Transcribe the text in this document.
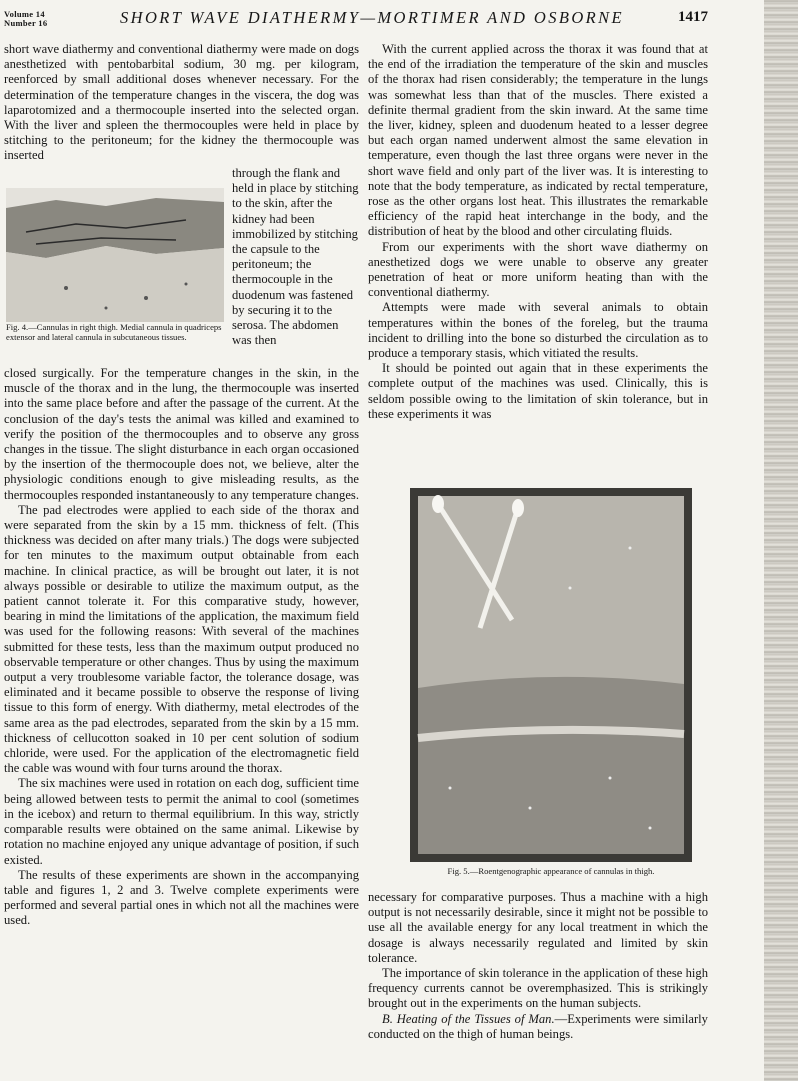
Volume 14
Number 16	SHORT WAVE DIATHERMY—MORTIMER AND OSBORNE	1417

short wave diathermy and conventional diathermy were made on dogs anesthetized with pentobarbital sodium, 30 mg. per kilogram, reenforced by small additional doses whenever necessary. For the determination of the temperature changes in the viscera, the dog was laparotomized and a thermocouple inserted into the selected organ. With the liver and spleen the thermocouples were held in place by stitching to the peritoneum; for the kidney the thermocouple was inserted

Fig. 4.—Cannulas in right thigh. Medial cannula in quadriceps extensor and lateral cannula in subcutaneous tissues.

through the flank and held in place by stitching to the skin, after the kidney had been immobilized by stitching the capsule to the peritoneum; the thermocouple in the duodenum was fastened by securing it to the serosa. The abdomen was then

closed surgically. For the temperature changes in the skin, in the muscle of the thorax and in the lung, the thermocouple was inserted into the same place before and after the passage of the current. At the conclusion of the day's tests the animal was killed and examined to verify the position of the thermocouples and to observe any gross changes in the tissue. The slight disturbance in each organ occasioned by the insertion of the thermocouple does not, we believe, alter the physiologic conditions enough to give misleading results, as the thermocouples responded instantaneously to any temperature changes.

The pad electrodes were applied to each side of the thorax and were separated from the skin by a 15 mm. thickness of felt. (This thickness was decided on after many trials.) The dogs were subjected for ten minutes to the maximum output obtainable from each machine. In clinical practice, as will be brought out later, it is not always possible or desirable to utilize the maximum output, as the patient cannot tolerate it. For this comparative study, however, bearing in mind the limitations of the application, the maximum field was used for the following reasons: With several of the machines submitted for these tests, less than the maximum output produced no observable temperature or other changes. Thus by using the maximum output a very troublesome variable factor, the tolerance dosage, was eliminated and it became possible to observe the response of living tissue to this form of energy. With diathermy, metal electrodes of the same area as the pad electrodes, separated from the skin by a 15 mm. thickness of cellucotton soaked in 10 per cent solution of sodium chloride, were used. For the application of the electromagnetic field the cable was wound with four turns around the thorax.

The six machines were used in rotation on each dog, sufficient time being allowed between tests to permit the animal to cool (sometimes in the icebox) and return to thermal equilibrium. In this way, strictly comparable results were obtained on the same animal. Likewise by rotation no machine enjoyed any unique advantage of position, if such existed.

The results of these experiments are shown in the accompanying table and figures 1, 2 and 3. Twelve complete experiments were performed and several partial ones in which not all the machines were used.

With the current applied across the thorax it was found that at the end of the irradiation the temperature of the skin and muscles of the thorax had risen considerably; the temperature in the lungs was somewhat less than that of the muscles. There existed a definite thermal gradient from the skin inward. At the same time the liver, kidney, spleen and duodenum heated to a lesser degree but each organ named underwent almost the same elevation in temperature, even though the last three organs were never in the short wave field and only part of the liver was. It is interesting to note that the body temperature, as indicated by rectal temperature, rose as the other organs lost heat. This illustrates the remarkable efficiency of the rapid heat interchange in the body, and the distribution of heat by the blood and other circulating fluids.

From our experiments with the short wave diathermy on anesthetized dogs we were unable to observe any greater penetration of heat or more uniform heating than with the conventional diathermy.

Attempts were made with several animals to obtain temperatures within the bones of the foreleg, but the trauma incident to drilling into the bone so disturbed the circulation as to produce a temporary stasis, which vitiated the results.

It should be pointed out again that in these experiments the complete output of the machines was used. Clinically, this is seldom possible owing to the limitation of skin tolerance, but in these experiments it was

Fig. 5.—Roentgenographic appearance of cannulas in thigh.

necessary for comparative purposes. Thus a machine with a high output is not necessarily desirable, since it might not be possible to use all the available energy for any local treatment in which the dosage is always necessarily regulated and limited by skin tolerance.

The importance of skin tolerance in the application of these high frequency currents cannot be overemphasized. This is strikingly brought out in the experiments on the human subjects.

B. Heating of the Tissues of Man.—Experiments were similarly conducted on the thigh of human beings.
